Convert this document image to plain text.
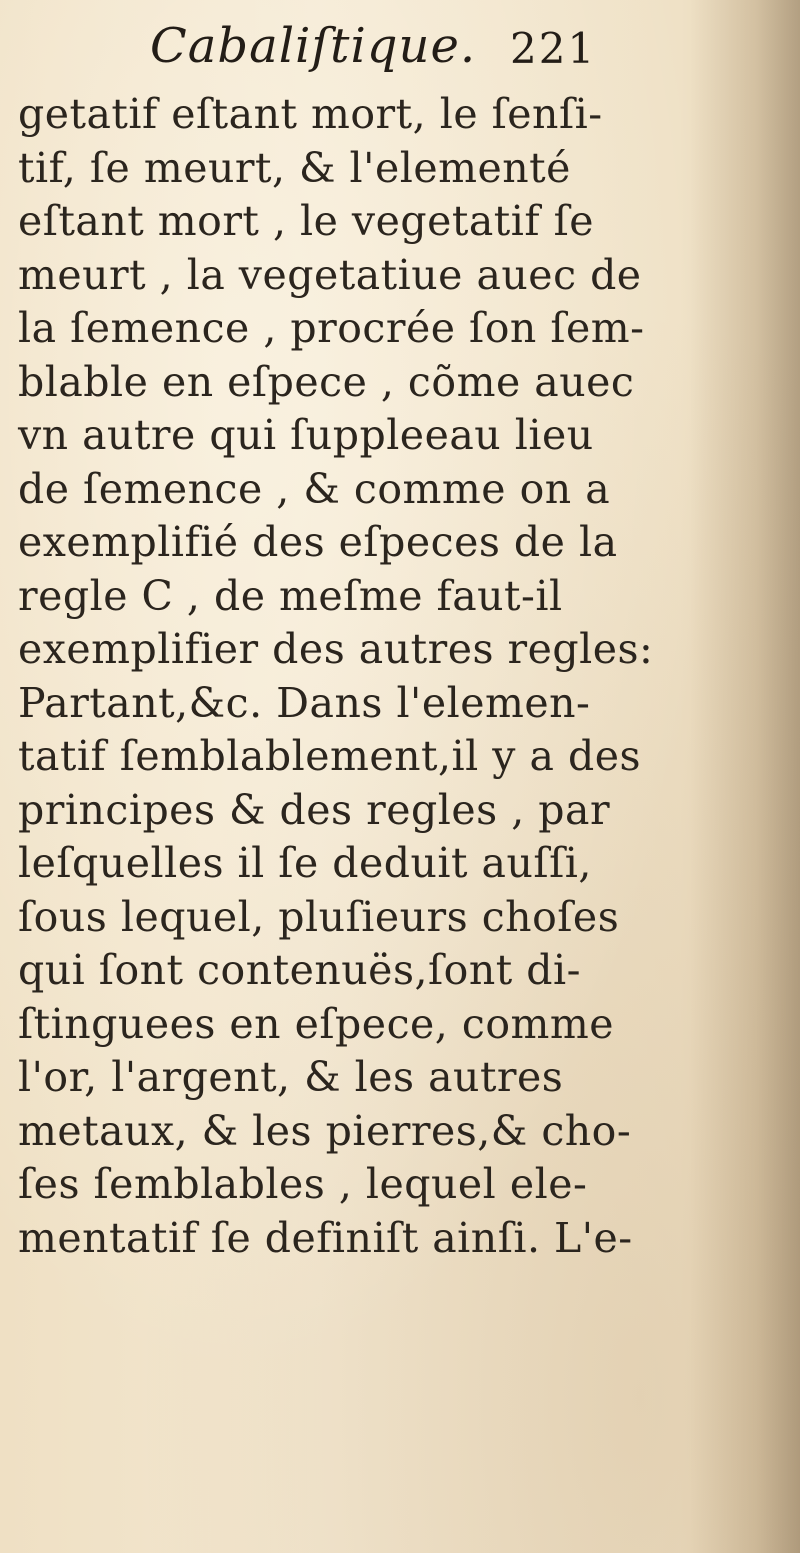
Cabaliſtique. 221
getatif eſtant mort, le ſenſi-
tif, ſe meurt, & l'elementé
eſtant mort , le vegetatif ſe
meurt , la vegetatiue auec de
la ſemence , procrée ſon ſem-
blable en eſpece , cõme auec
vn autre qui ſuppleeau lieu
de ſemence , & comme on a
exemplifié des eſpeces de la
regle C , de meſme faut-il
exemplifier des autres regles:
Partant,&c. Dans l'elemen-
tatif ſemblablement,il y a des
principes & des regles , par
leſquelles il ſe deduit auſſi,
ſous lequel, pluſieurs choſes
qui ſont contenuës,ſont di-
ſtinguees en eſpece, comme
l'or, l'argent, & les autres
metaux, & les pierres,& cho-
ſes ſemblables , lequel ele-
mentatif ſe definiſt ainſi. L'e-
